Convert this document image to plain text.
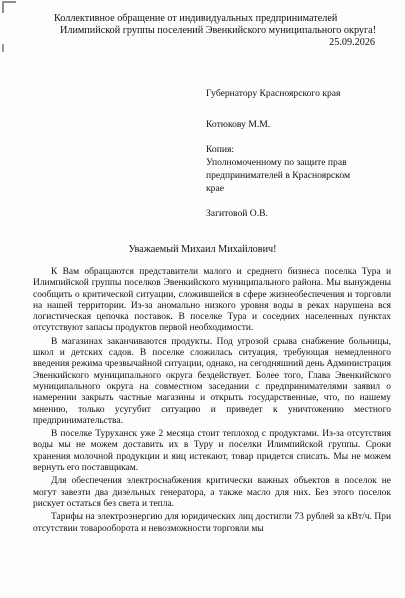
Коллективное обращение от индивидуальных предпринимателей
Илимпийской группы поселений Эвенкийского муниципального округа!
25.09.2026
Губернатору Красноярского края
Котюкову М.М.
Копия:
Уполномоченному по защите прав
предпринимателей в Красноярском
крае
Загитовой О.В.
Уважаемый Михаил Михайлович!

К Вам обращаются представители малого и среднего бизнеса поселка Тура и Илимпийской группы поселков Эвенкийского муниципального района. Мы вынуждены сообщить о критической ситуации, сложившейся в сфере жизнеобеспечения и торговли на нашей территории. Из-за аномально низкого уровня воды в реках нарушена вся логистическая цепочка поставок. В поселке Тура и соседних населенных пунктах отсутствуют запасы продуктов первой необходимости.

В магазинах заканчиваются продукты. Под угрозой срыва снабжение больницы, школ и детских садов. В поселке сложилась ситуация, требующая немедленного введения режима чрезвычайной ситуации, однако, на сегодняшний день Администрация Эвенкийского муниципального округа бездействует. Более того, Глава Эвенкийского муниципального округа на совместном заседании с предпринимателями заявил о намерении закрыть частные магазины и открыть государственные, что, по нашему мнению, только усугубит ситуацию и приведет к уничтожению местного предпринимательства.

В поселке Туруханск уже 2 месяца стоит теплоход с продуктами. Из-за отсутствия воды мы не можем доставить их в Туру и поселки Илимпийской группы. Сроки хранения молочной продукции и яиц истекают, товар придется списать. Мы не можем вернуть его поставщикам.

Для обеспечения электроснабжения критически важных объектов в поселок не могут завезти два дизельных генератора, а также масло для них. Без этого поселок рискует остаться без света и тепла.

Тарифы на электроэнергию для юридических лиц достигли 73 рублей за кВт/ч. При отсутствии товарооборота и невозможности торговли мы
